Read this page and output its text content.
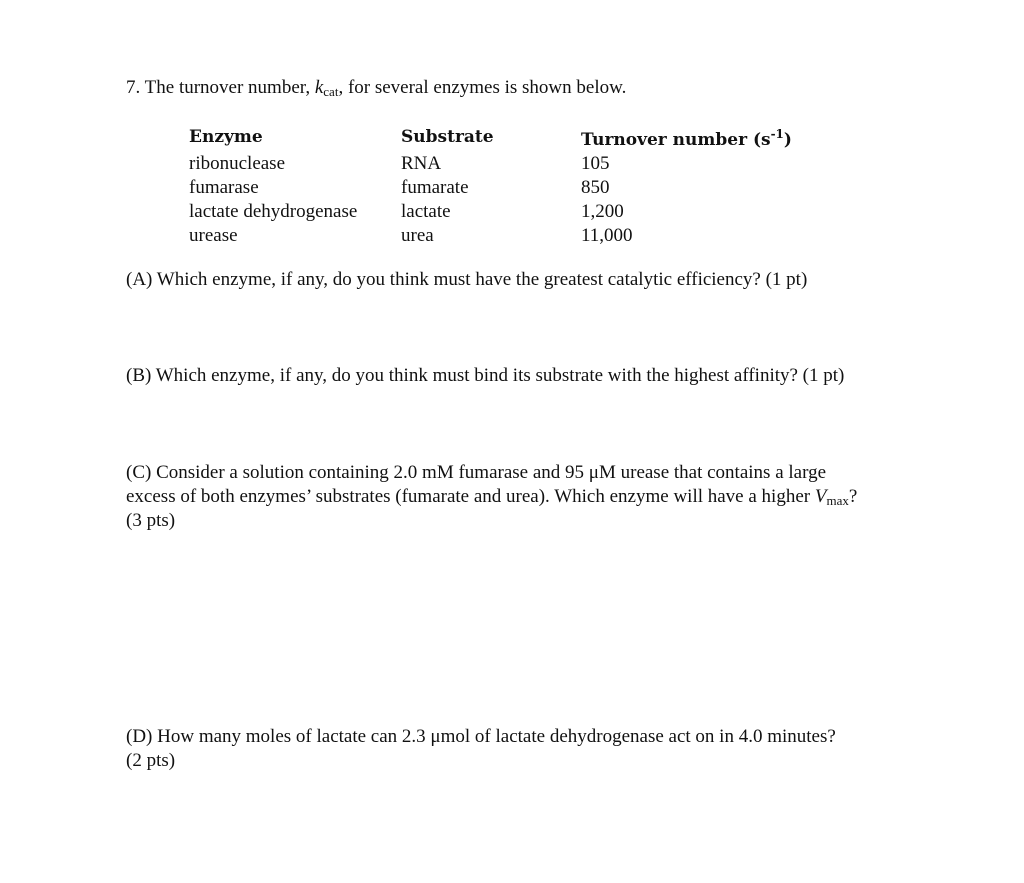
7. The turnover number, $k_{cat}$, for several enzymes is shown below.
Enzyme	Substrate	Turnover number $(s^{-1})$
ribonuclease	RNA	105
fumarase	fumarate	850
lactate dehydrogenase	lactate	1,200
urease	urea	11,000
(A) Which enzyme, if any, do you think must have the greatest catalytic efficiency? (1 pt)
(B) Which enzyme, if any, do you think must bind its substrate with the highest affinity? (1 pt)
(C) Consider a solution containing 2.0 mM fumarase and 95 μM urease that contains a large
excess of both enzymes’ substrates (fumarate and urea). Which enzyme will have a higher $V_{max}$?
(3 pts)
(D) How many moles of lactate can 2.3 μmol of lactate dehydrogenase act on in 4.0 minutes?
(2 pts)
